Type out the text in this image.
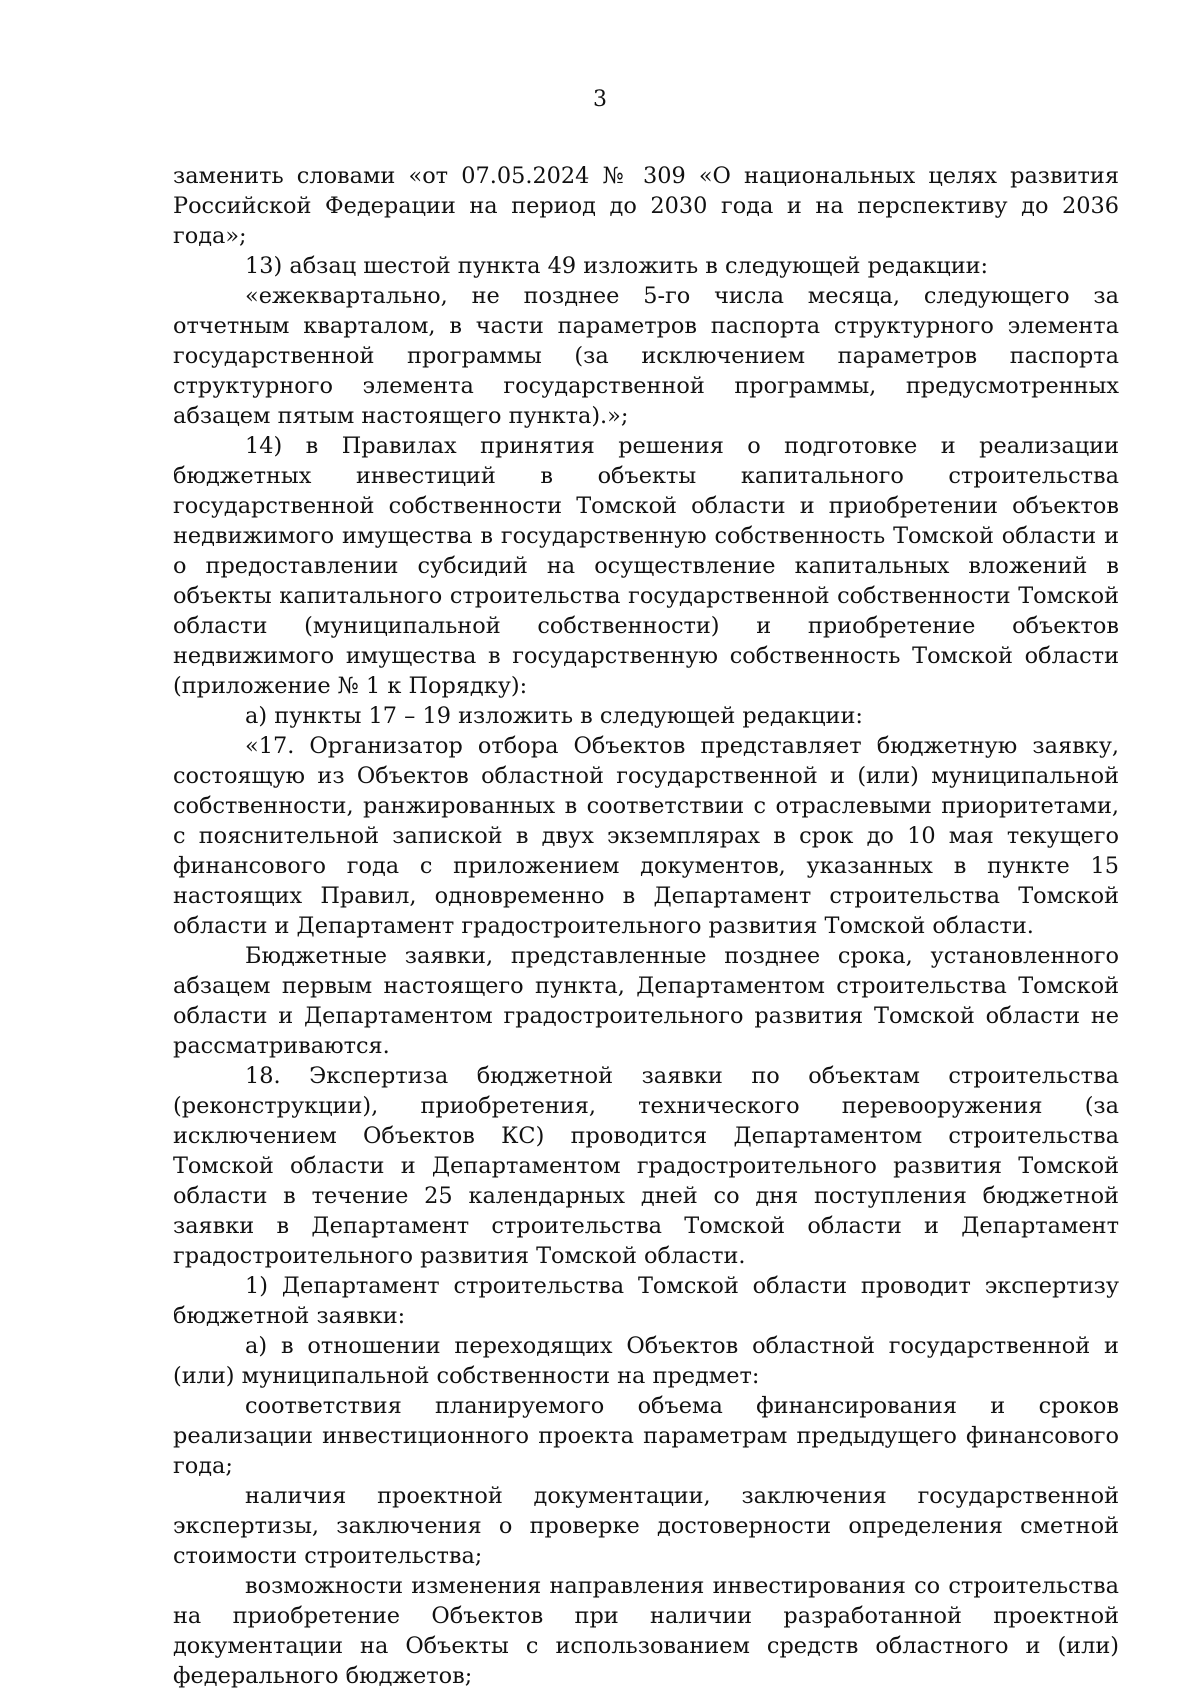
3

заменить словами «от 07.05.2024 № 309 «О национальных целях развития Российской Федерации на период до 2030 года и на перспективу до 2036 года»;

13) абзац шестой пункта 49 изложить в следующей редакции:

«ежеквартально, не позднее 5-го числа месяца, следующего за отчетным кварталом, в части параметров паспорта структурного элемента государственной программы (за исключением параметров паспорта структурного элемента государственной программы, предусмотренных абзацем пятым настоящего пункта).»;

14) в Правилах принятия решения о подготовке и реализации бюджетных инвестиций в объекты капитального строительства государственной собственности Томской области и приобретении объектов недвижимого имущества в государственную собственность Томской области и о предоставлении субсидий на осуществление капитальных вложений в объекты капитального строительства государственной собственности Томской области (муниципальной собственности) и приобретение объектов недвижимого имущества в государственную собственность Томской области (приложение № 1 к Порядку):

а) пункты 17 – 19 изложить в следующей редакции:

«17. Организатор отбора Объектов представляет бюджетную заявку, состоящую из Объектов областной государственной и (или) муниципальной собственности, ранжированных в соответствии с отраслевыми приоритетами, с пояснительной запиской в двух экземплярах в срок до 10 мая текущего финансового года с приложением документов, указанных в пункте 15 настоящих Правил, одновременно в Департамент строительства Томской области и Департамент градостроительного развития Томской области.

Бюджетные заявки, представленные позднее срока, установленного абзацем первым настоящего пункта, Департаментом строительства Томской области и Департаментом градостроительного развития Томской области не рассматриваются.

18. Экспертиза бюджетной заявки по объектам строительства (реконструкции), приобретения, технического перевооружения (за исключением Объектов КС) проводится Департаментом строительства Томской области и Департаментом градостроительного развития Томской области в течение 25 календарных дней со дня поступления бюджетной заявки в Департамент строительства Томской области и Департамент градостроительного развития Томской области.

1) Департамент строительства Томской области проводит экспертизу бюджетной заявки:

а) в отношении переходящих Объектов областной государственной и (или) муниципальной собственности на предмет:

соответствия планируемого объема финансирования и сроков реализации инвестиционного проекта параметрам предыдущего финансового года;

наличия проектной документации, заключения государственной экспертизы, заключения о проверке достоверности определения сметной стоимости строительства;

возможности изменения направления инвестирования со строительства на приобретение Объектов при наличии разработанной проектной документации на Объекты с использованием средств областного и (или) федерального бюджетов;
